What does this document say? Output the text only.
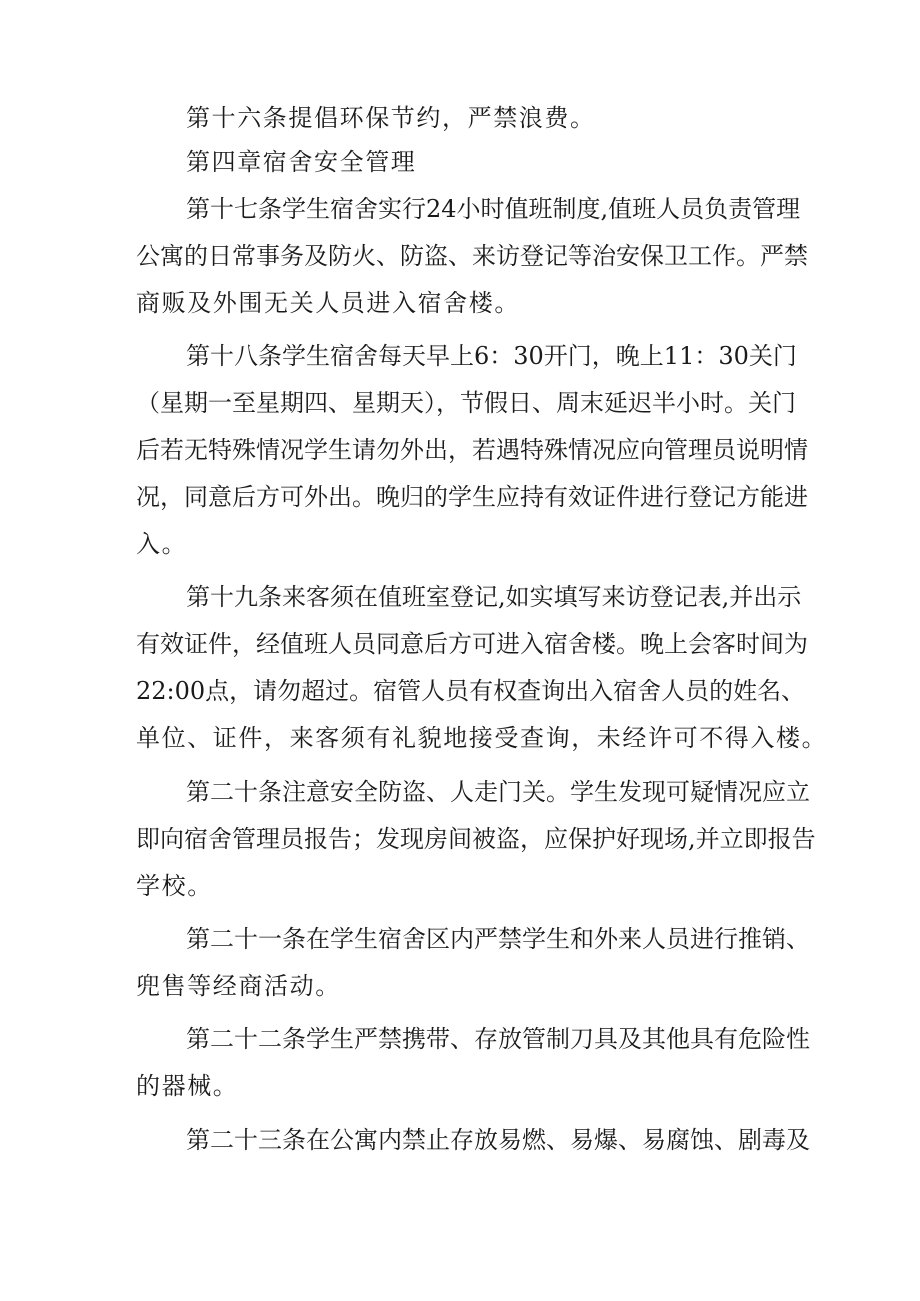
第十六条提倡环保节约，严禁浪费。
第四章宿舍安全管理
第十七条学生宿舍实行24小时值班制度,值班人员负责管理
公寓的日常事务及防火、防盗、来访登记等治安保卫工作。严禁
商贩及外围无关人员进入宿舍楼。
第十八条学生宿舍每天早上6：30开门，晚上11：30关门
（星期一至星期四、星期天），节假日、周末延迟半小时。关门
后若无特殊情况学生请勿外出，若遇特殊情况应向管理员说明情
况，同意后方可外出。晚归的学生应持有效证件进行登记方能进
入。
第十九条来客须在值班室登记,如实填写来访登记表,并出示
有效证件，经值班人员同意后方可进入宿舍楼。晚上会客时间为
22:00点，请勿超过。宿管人员有权查询出入宿舍人员的姓名、
单位、证件，来客须有礼貌地接受查询，未经许可不得入楼。
第二十条注意安全防盗、人走门关。学生发现可疑情况应立
即向宿舍管理员报告；发现房间被盗，应保护好现场,并立即报告
学校。
第二十一条在学生宿舍区内严禁学生和外来人员进行推销、
兜售等经商活动。
第二十二条学生严禁携带、存放管制刀具及其他具有危险性
的器械。
第二十三条在公寓内禁止存放易燃、易爆、易腐蚀、剧毒及
